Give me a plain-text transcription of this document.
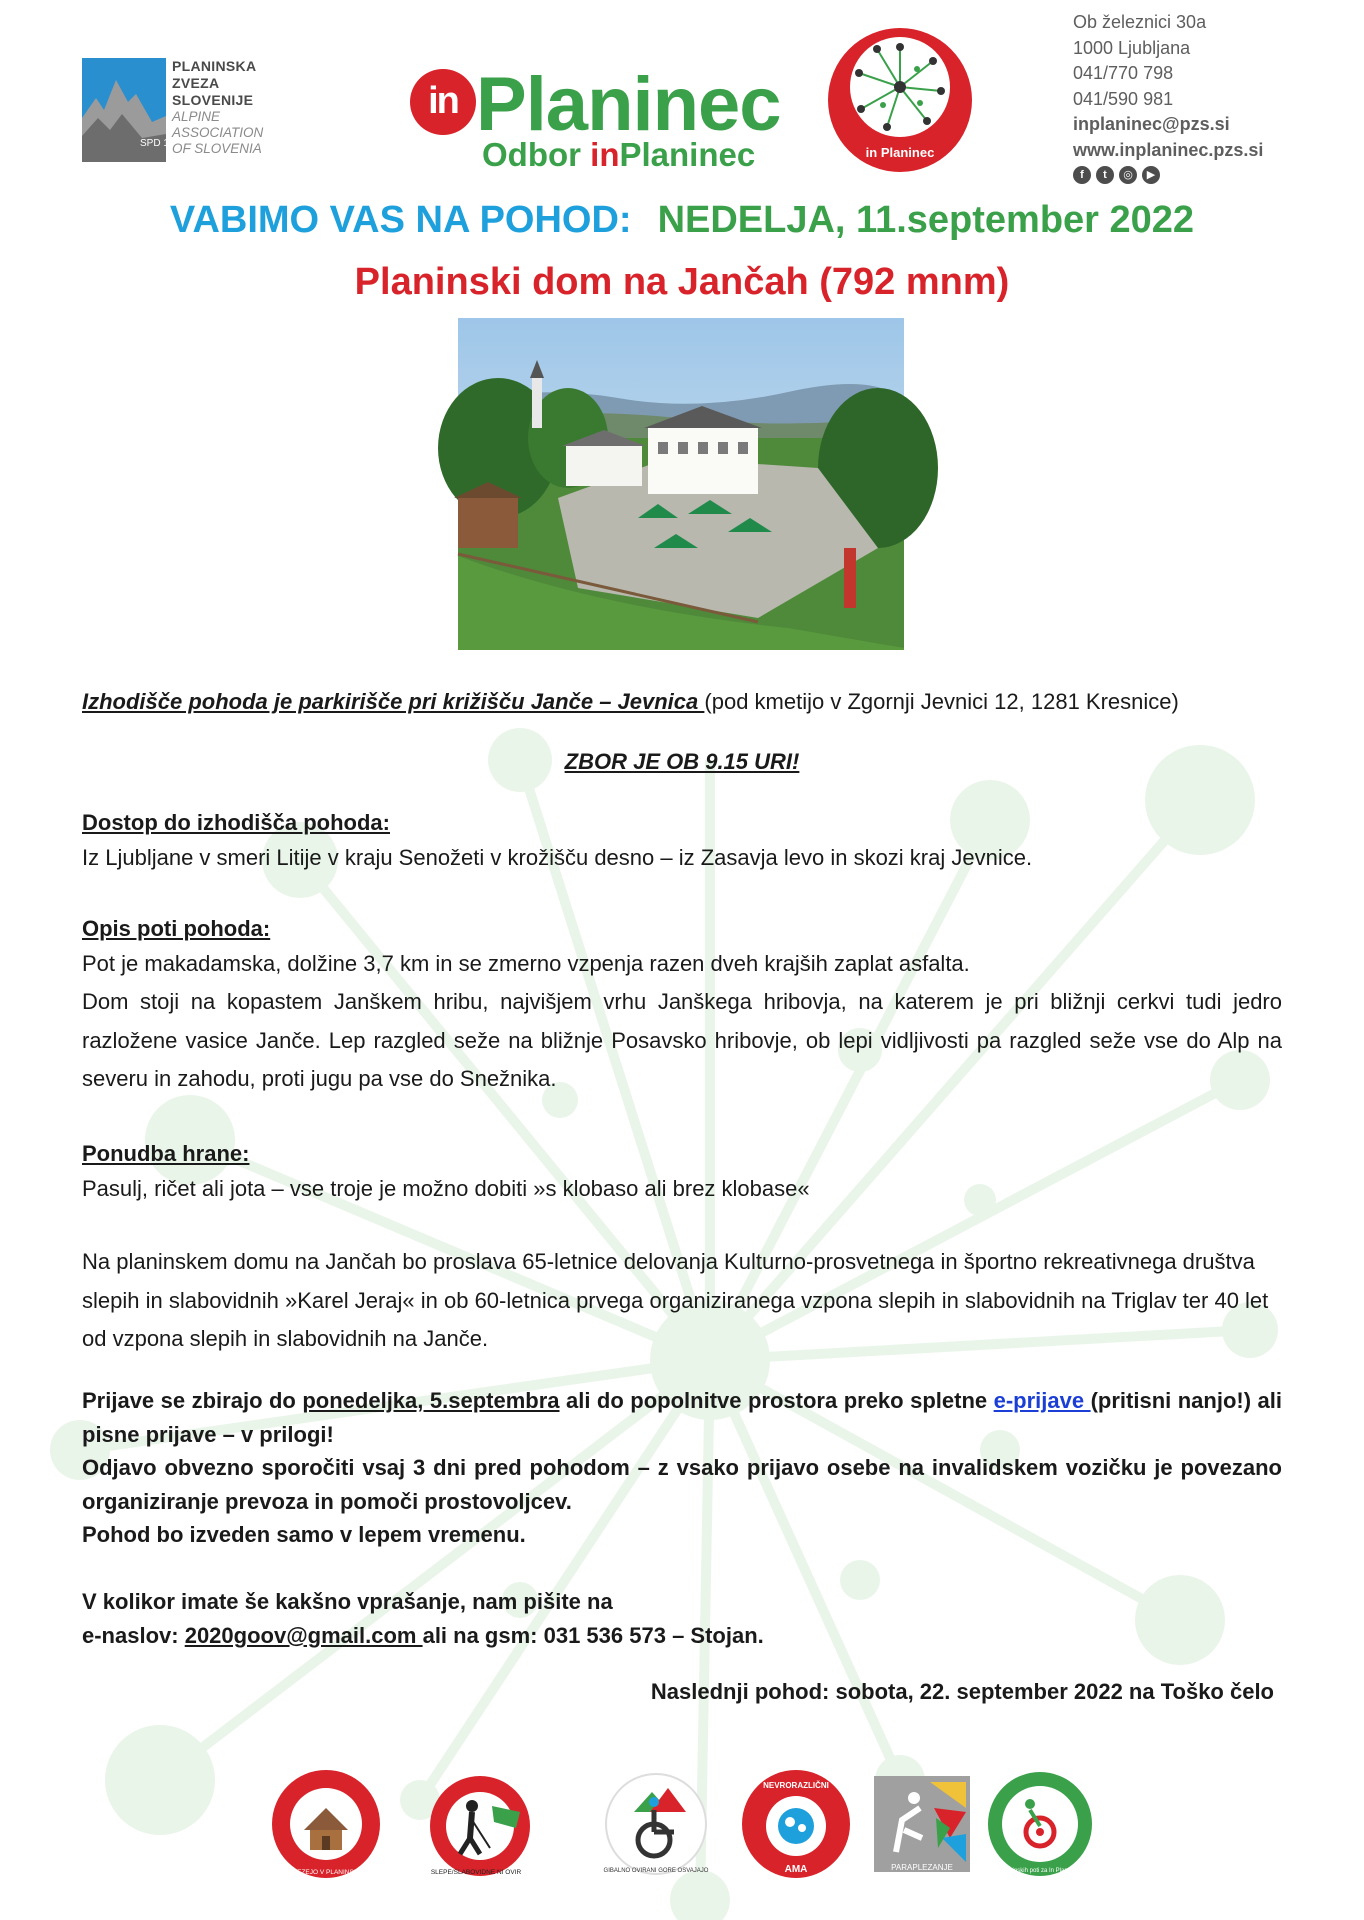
SPD 1893
PLANINSKA
ZVEZA
SLOVENIJE
ALPINE
ASSOCIATION
OF SLOVENIA
in Planinec
Odbor inPlaninec	in Planinec
Ob železnici 30a
1000 Ljubljana
041/770 798
041/590 981
inplaninec@pzs.si
www.inplaninec.pzs.si
f	t	◎	▶
VABIMO VAS NA POHOD: NEDELJA, 11.september 2022
Planinski dom na Jančah (792 mnm)
Izhodišče pohoda je parkirišče pri križišču Janče – Jevnica (pod kmetijo v Zgornji Jevnici 12, 1281 Kresnice)
ZBOR JE OB 9.15 URI!
Dostop do izhodišča pohoda:
Iz Ljubljane v smeri Litije v kraju Senožeti v krožišču desno – iz Zasavja levo in skozi kraj Jevnice.
Opis poti pohoda:
Pot je makadamska, dolžine 3,7 km in se zmerno vzpenja razen dveh krajših zaplat asfalta.
Dom stoji na kopastem Janškem hribu, najvišjem vrhu Janškega hribovja, na katerem je pri bližnji cerkvi tudi jedro razložene vasice Janče. Lep razgled seže na bližnje Posavsko hribovje, ob lepi vidljivosti pa razgled seže vse do Alp na severu in zahodu, proti jugu pa vse do Snežnika.
Ponudba hrane:
Pasulj, ričet ali jota – vse troje je možno dobiti »s klobaso ali brez klobase«
Na planinskem domu na Jančah bo proslava 65-letnice delovanja Kulturno-prosvetnega in športno rekreativnega društva slepih in slabovidnih »Karel Jeraj« in ob 60-letnica prvega organiziranega vzpona slepih in slabovidnih na Triglav ter 40 let od vzpona slepih in slabovidnih na Janče.
Prijave se zbirajo do ponedeljka, 5.septembra ali do popolnitve prostora preko spletne e-prijave (pritisni nanjo!) ali pisne prijave – v prilogi!
Odjavo obvezno sporočiti vsaj 3 dni pred pohodom – z vsako prijavo osebe na invalidskem vozičku je povezano organiziranje prevoza in pomoči prostovoljcev.
Pohod bo izveden samo v lepem vremenu.
V kolikor imate še kakšno vprašanje, nam pišite na
e-naslov: 2020goov@gmail.com ali na gsm: 031 536 573 – Stojan.
Naslednji pohod: sobota, 22. september 2022 na Toško čelo
GLUHI STREZEJO V PLANINSKIH KOČAH	SLEPE/SLABOVIDNE NI OVIR	GIBALNO OVIRANI GORE OSVAJAJO
NEVRORAZLIČNI
AMA	PARAPLEZANJE	planinskih poti za In Planince
